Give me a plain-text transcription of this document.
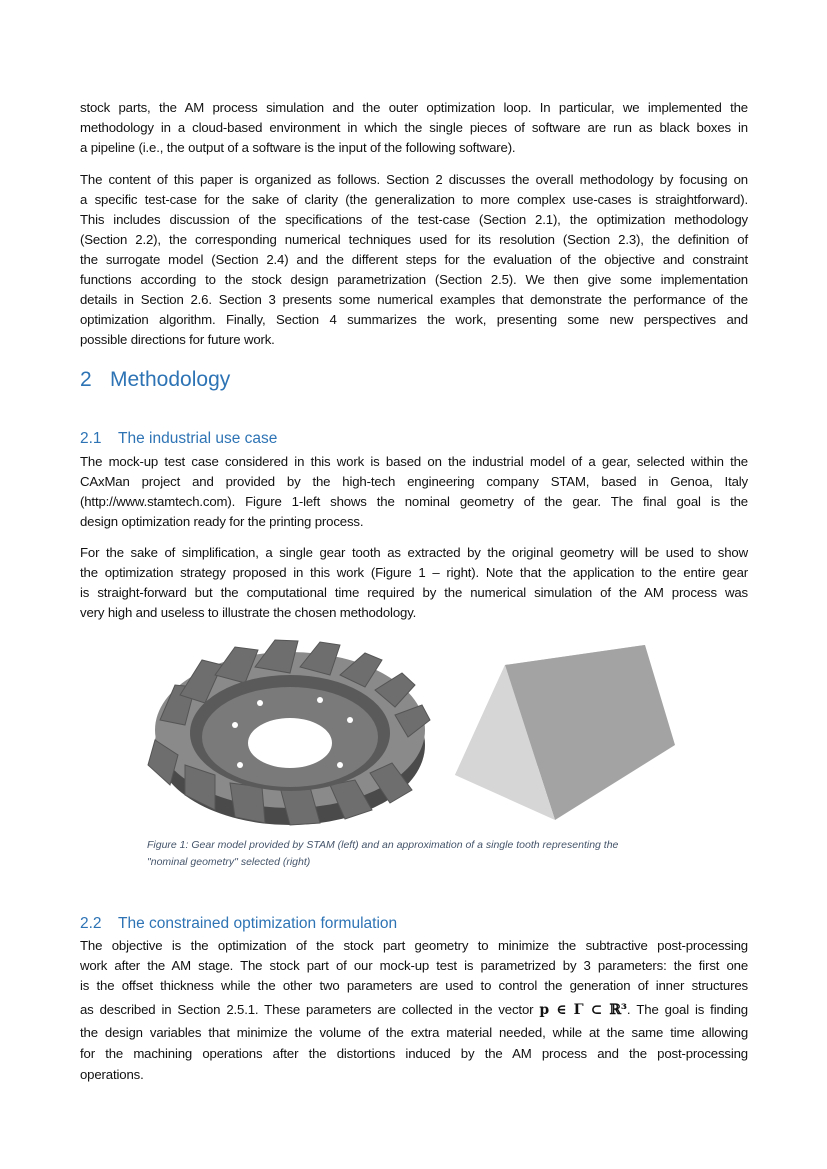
stock parts, the AM process simulation and the outer optimization loop. In particular, we implemented the
methodology in a cloud-based environment in which the single pieces of software are run as black boxes in
a pipeline (i.e., the output of a software is the input of the following software).
The content of this paper is organized as follows. Section 2 discusses the overall methodology by focusing on
a specific test-case for the sake of clarity (the generalization to more complex use-cases is straightforward).
This includes discussion of the specifications of the test-case (Section 2.1), the optimization methodology
(Section 2.2), the corresponding numerical techniques used for its resolution (Section 2.3), the definition of
the surrogate model (Section 2.4) and the different steps for the evaluation of the objective and constraint
functions according to the stock design parametrization (Section 2.5). We then give some implementation
details in Section 2.6. Section 3 presents some numerical examples that demonstrate the performance of the
optimization algorithm. Finally, Section 4 summarizes the work, presenting some new perspectives and
possible directions for future work.
2 Methodology
2.1 The industrial use case
The mock-up test case considered in this work is based on the industrial model of a gear, selected within the
CAxMan project and provided by the high-tech engineering company STAM, based in Genoa, Italy
(http://www.stamtech.com). Figure 1-left shows the nominal geometry of the gear. The final goal is the
design optimization ready for the printing process.
For the sake of simplification, a single gear tooth as extracted by the original geometry will be used to show
the optimization strategy proposed in this work (Figure 1 – right). Note that the application to the entire gear
is straight-forward but the computational time required by the numerical simulation of the AM process was
very high and useless to illustrate the chosen methodology.
Figure 1: Gear model provided by STAM (left) and an approximation of a single tooth representing the
"nominal geometry" selected (right)
2.2 The constrained optimization formulation
The objective is the optimization of the stock part geometry to minimize the subtractive post-processing
work after the AM stage. The stock part of our mock-up test is parametrized by 3 parameters: the first one
is the offset thickness while the other two parameters are used to control the generation of inner structures
as described in Section 2.5.1. These parameters are collected in the vector p ∈ Γ ⊂ ℝ³. The goal is finding
the design variables that minimize the volume of the extra material needed, while at the same time allowing
for the machining operations after the distortions induced by the AM process and the post-processing
operations.
